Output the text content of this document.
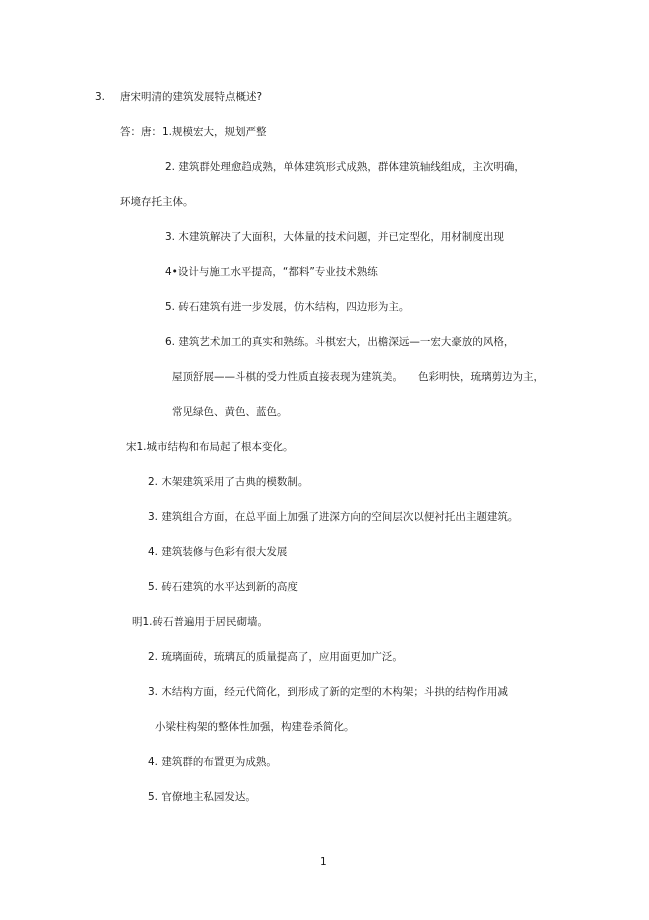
3. 唐宋明清的建筑发展特点概述?
答：唐：1.规模宏大，规划严整
2. 建筑群处理愈趋成熟，单体建筑形式成熟，群体建筑轴线组成，主次明确，
环境存托主体。
3. 木建筑解决了大面积，大体量的技术问题，并已定型化，用材制度出现
4•设计与施工水平提高，“都料”专业技术熟练
5. 砖石建筑有进一步发展，仿木结构，四边形为主。
6. 建筑艺术加工的真实和熟练。斗棋宏大，出檐深远—一宏大豪放的风格，
屋顶舒展——斗棋的受力性质直接表现为建筑美。 色彩明快，琉璃剪边为主，
常见绿色、黄色、蓝色。
宋1.城市结构和布局起了根本变化。
2. 木架建筑采用了古典的模数制。
3. 建筑组合方面，在总平面上加强了进深方向的空间层次以便衬托出主题建筑。
4. 建筑装修与色彩有很大发展
5. 砖石建筑的水平达到新的高度
明1.砖石普遍用于居民砌墙。
2. 琉璃面砖，琉璃瓦的质量提高了，应用面更加广泛。
3. 木结构方面，经元代简化，到形成了新的定型的木构架；斗拱的结构作用减
小梁柱构架的整体性加强，构建卷杀简化。
4. 建筑群的布置更为成熟。
5. 官僚地主私园发达。
1
